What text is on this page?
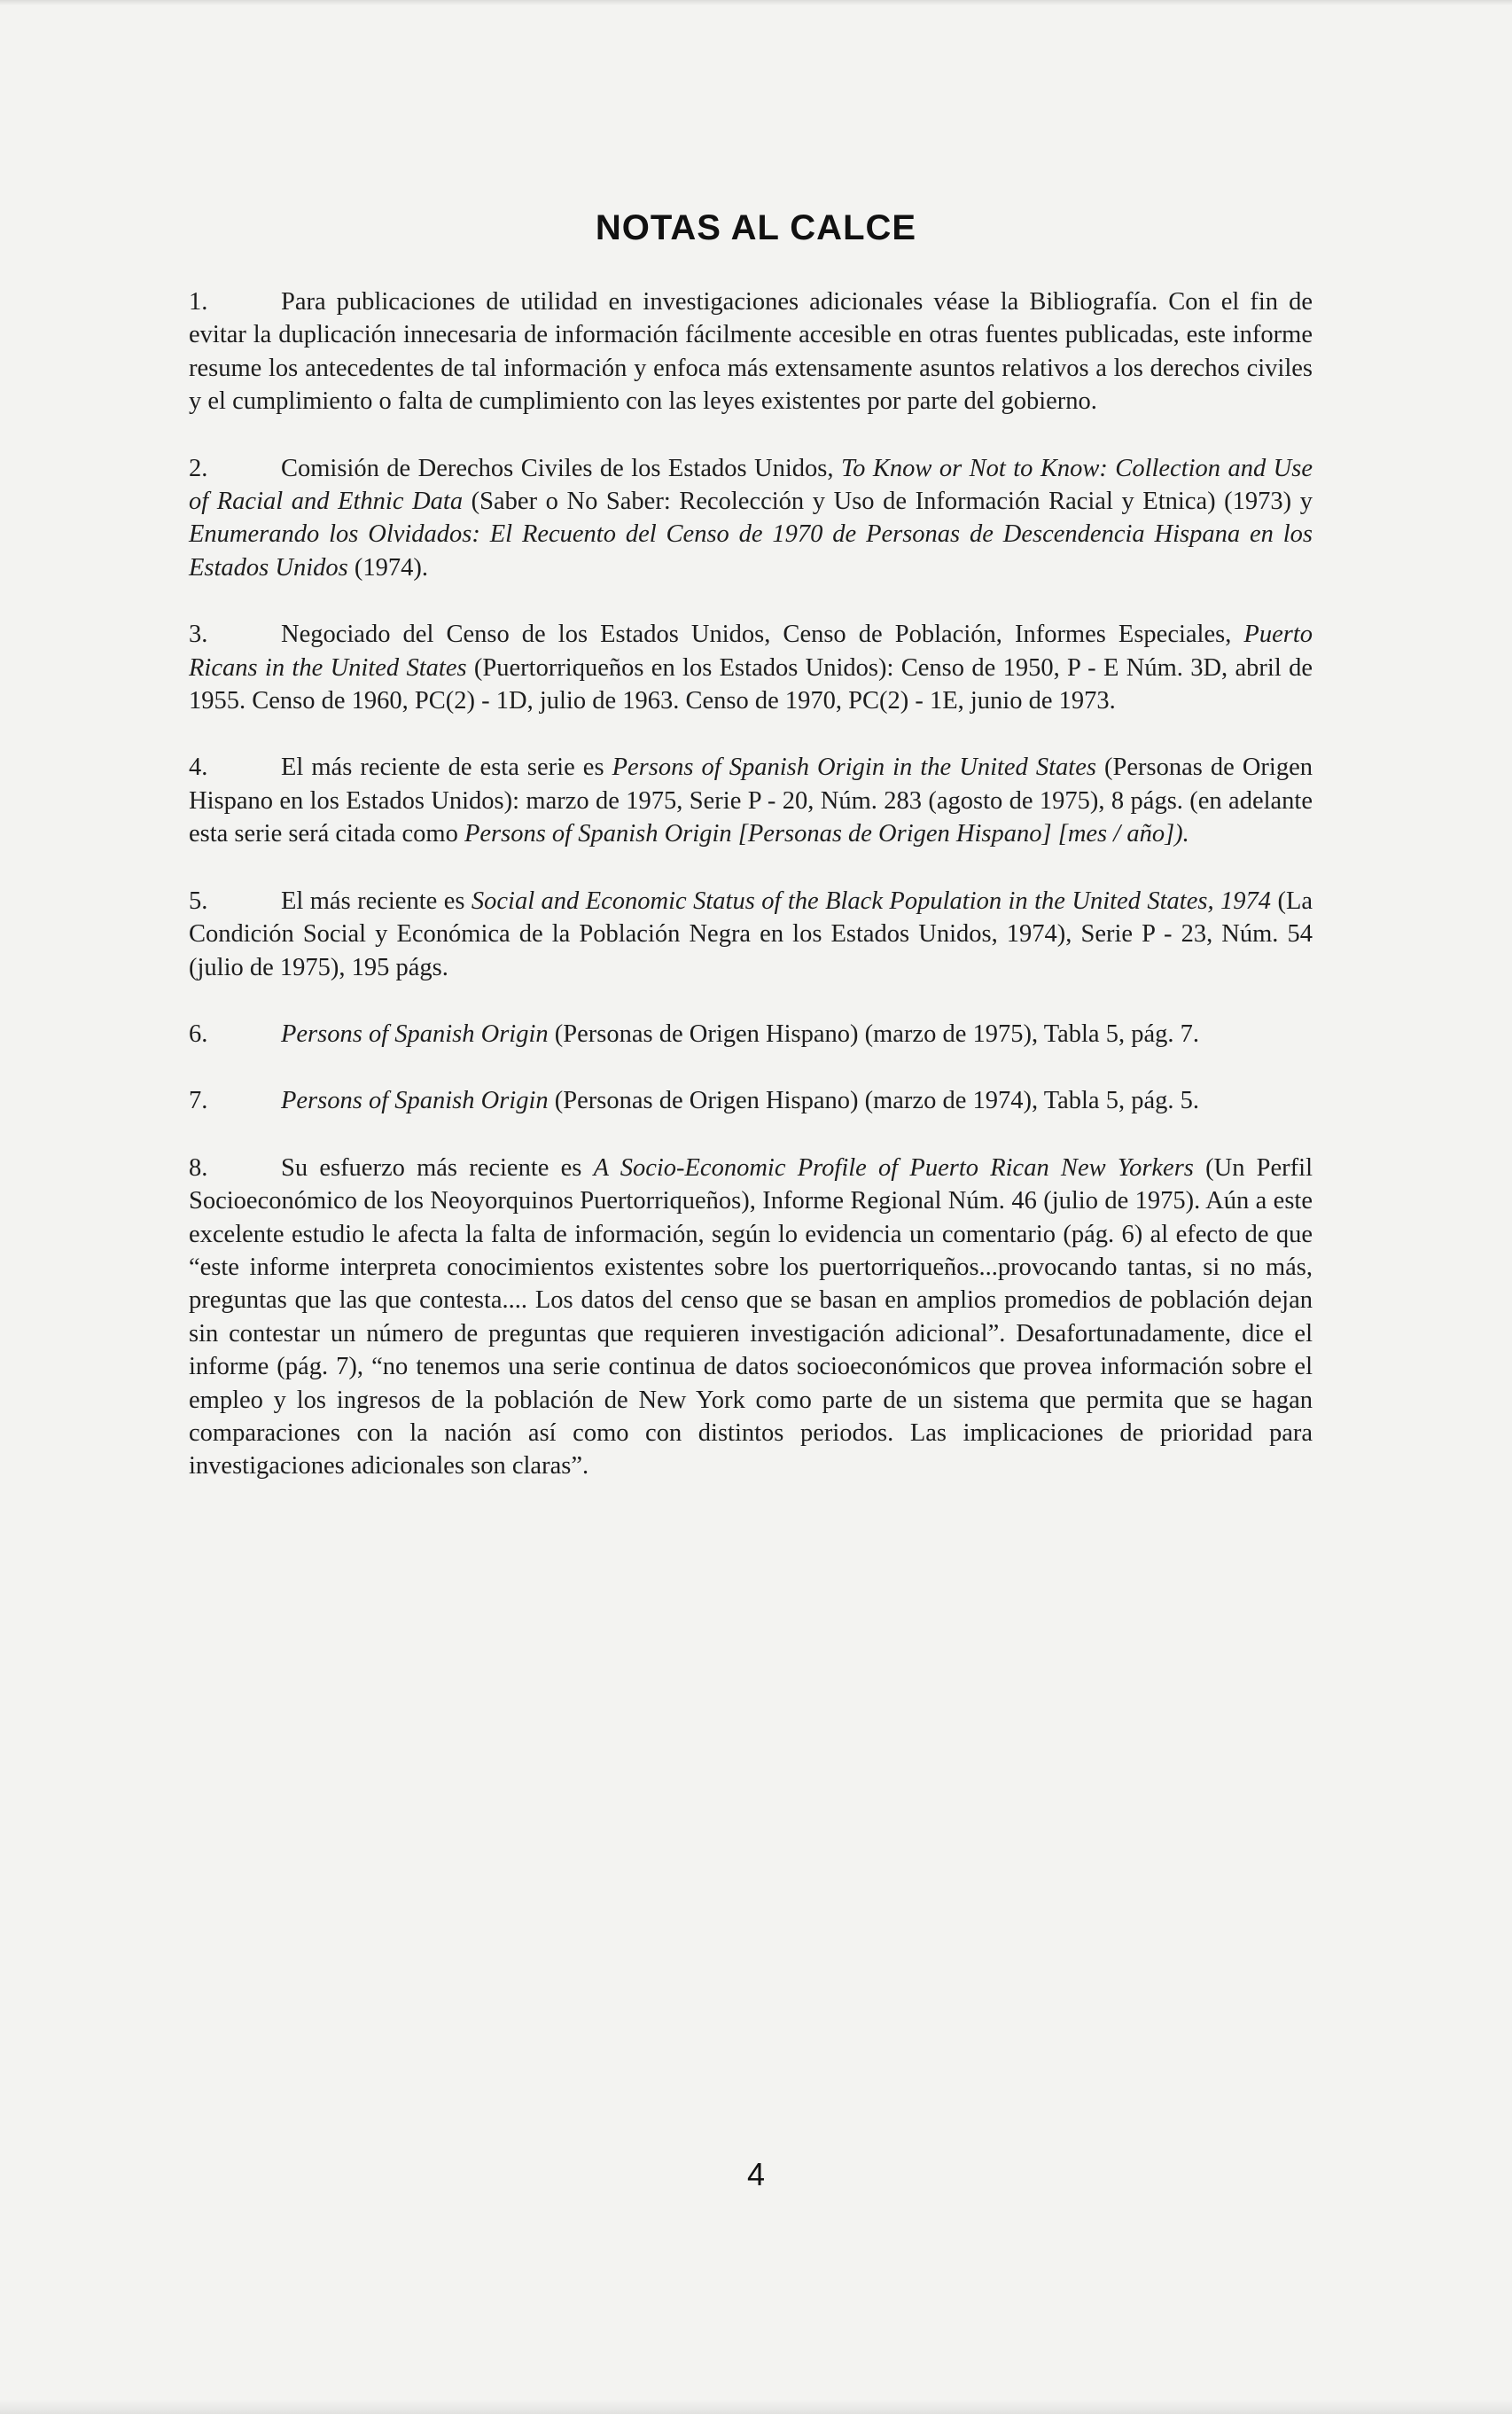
NOTAS AL CALCE

1.	Para publicaciones de utilidad en investigaciones adicionales véase la Bibliografía. Con el fin de evitar la duplicación innecesaria de información fácilmente accesible en otras fuentes publicadas, este informe resume los antecedentes de tal información y enfoca más extensamente asuntos relativos a los derechos civiles y el cumplimiento o falta de cumplimiento con las leyes existentes por parte del gobierno.

2.	Comisión de Derechos Civiles de los Estados Unidos, To Know or Not to Know: Collection and Use of Racial and Ethnic Data (Saber o No Saber: Recolección y Uso de Información Racial y Etnica) (1973) y Enumerando los Olvidados: El Recuento del Censo de 1970 de Personas de Descendencia Hispana en los Estados Unidos (1974).

3.	Negociado del Censo de los Estados Unidos, Censo de Población, Informes Especiales, Puerto Ricans in the United States (Puertorriqueños en los Estados Unidos): Censo de 1950, P - E Núm. 3D, abril de 1955. Censo de 1960, PC(2) - 1D, julio de 1963. Censo de 1970, PC(2) - 1E, junio de 1973.

4.	El más reciente de esta serie es Persons of Spanish Origin in the United States (Personas de Origen Hispano en los Estados Unidos): marzo de 1975, Serie P - 20, Núm. 283 (agosto de 1975), 8 págs. (en adelante esta serie será citada como Persons of Spanish Origin [Personas de Origen Hispano] [mes / año]).

5.	El más reciente es Social and Economic Status of the Black Population in the United States, 1974 (La Condición Social y Económica de la Población Negra en los Estados Unidos, 1974), Serie P - 23, Núm. 54 (julio de 1975), 195 págs.

6.	Persons of Spanish Origin (Personas de Origen Hispano) (marzo de 1975), Tabla 5, pág. 7.

7.	Persons of Spanish Origin (Personas de Origen Hispano) (marzo de 1974), Tabla 5, pág. 5.

8.	Su esfuerzo más reciente es A Socio-Economic Profile of Puerto Rican New Yorkers (Un Perfil Socioeconómico de los Neoyorquinos Puertorriqueños), Informe Regional Núm. 46 (julio de 1975). Aún a este excelente estudio le afecta la falta de información, según lo evidencia un comentario (pág. 6) al efecto de que “este informe interpreta conocimientos existentes sobre los puertorriqueños...provocando tantas, si no más, preguntas que las que contesta.... Los datos del censo que se basan en amplios promedios de población dejan sin contestar un número de preguntas que requieren investigación adicional”. Desafortunadamente, dice el informe (pág. 7), “no tenemos una serie continua de datos socioeconómicos que provea información sobre el empleo y los ingresos de la población de New York como parte de un sistema que permita que se hagan comparaciones con la nación así como con distintos periodos. Las implicaciones de prioridad para investigaciones adicionales son claras”.

4
